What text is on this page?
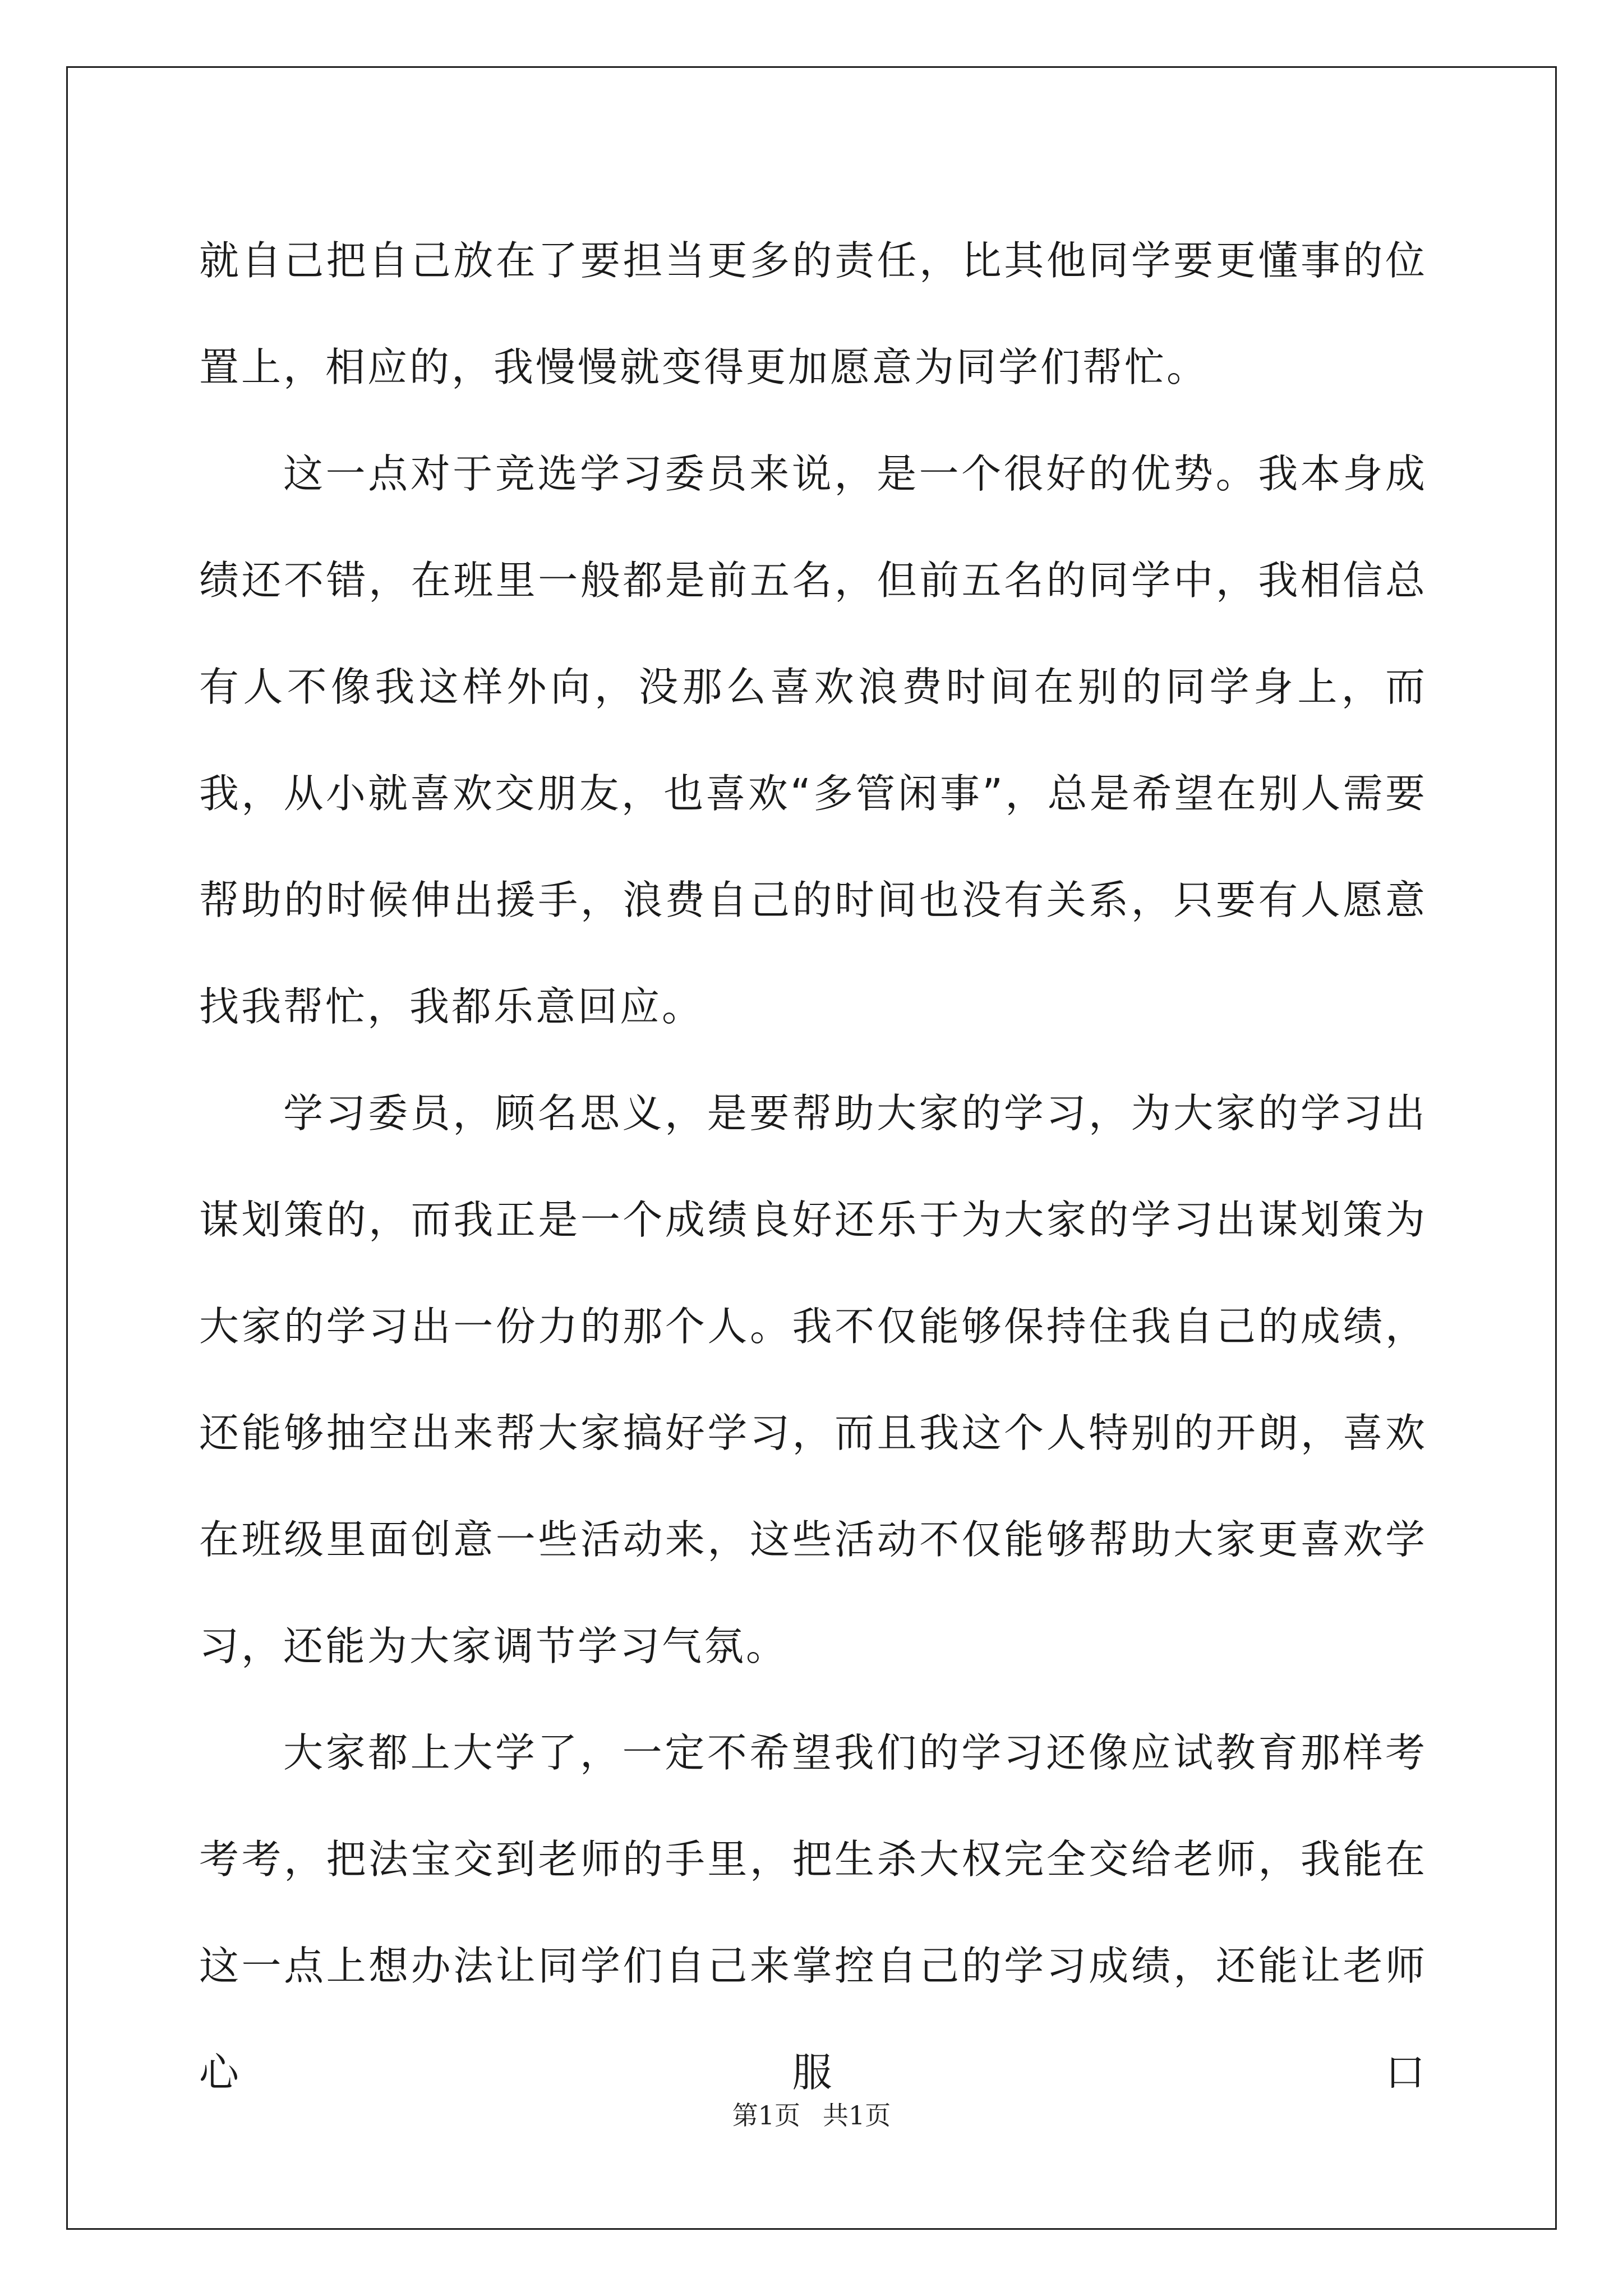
就自己把自己放在了要担当更多的责任，比其他同学要更懂事的位置上，相应的，我慢慢就变得更加愿意为同学们帮忙。

这一点对于竞选学习委员来说，是一个很好的优势。我本身成绩还不错，在班里一般都是前五名，但前五名的同学中，我相信总有人不像我这样外向，没那么喜欢浪费时间在别的同学身上，而我，从小就喜欢交朋友，也喜欢“多管闲事”，总是希望在别人需要帮助的时候伸出援手，浪费自己的时间也没有关系，只要有人愿意找我帮忙，我都乐意回应。

学习委员，顾名思义，是要帮助大家的学习，为大家的学习出谋划策的，而我正是一个成绩良好还乐于为大家的学习出谋划策为大家的学习出一份力的那个人。我不仅能够保持住我自己的成绩，还能够抽空出来帮大家搞好学习，而且我这个人特别的开朗，喜欢在班级里面创意一些活动来，这些活动不仅能够帮助大家更喜欢学习，还能为大家调节学习气氛。

大家都上大学了，一定不希望我们的学习还像应试教育那样考考考，把法宝交到老师的手里，把生杀大权完全交给老师，我能在这一点上想办法让同学们自己来掌控自己的学习成绩，还能让老师心服口

第1页 共1页
